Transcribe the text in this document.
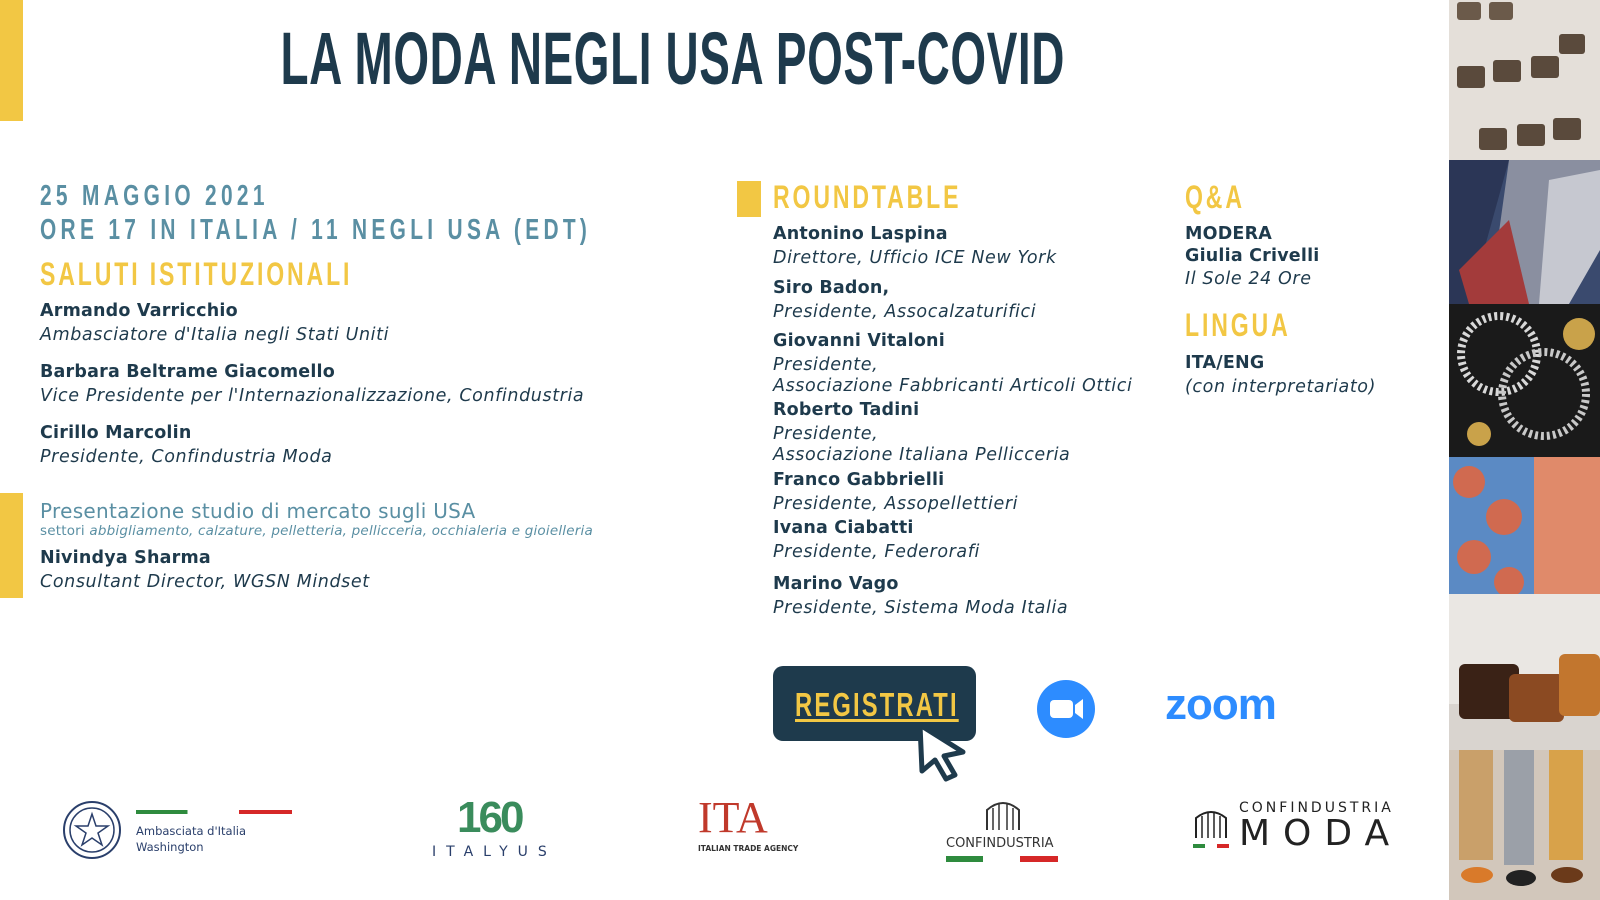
LA MODA NEGLI USA POST-COVID
25 MAGGIO 2021
ORE 17 IN ITALIA / 11 NEGLI USA (EDT)
SALUTI ISTITUZIONALI
Armando Varricchio
Ambasciatore d'Italia negli Stati Uniti
Barbara Beltrame Giacomello
Vice Presidente per l'Internazionalizzazione, Confindustria
Cirillo Marcolin
Presidente, Confindustria Moda
Presentazione studio di mercato sugli USA
settori abbigliamento, calzature, pelletteria, pellicceria, occhialeria e gioielleria
Nivindya Sharma
Consultant Director, WGSN Mindset
ROUNDTABLE
Antonino Laspina
Direttore, Ufficio ICE New York
Siro Badon,
Presidente, Assocalzaturifici
Giovanni Vitaloni
Presidente,
Associazione Fabbricanti Articoli Ottici
Roberto Tadini
Presidente,
Associazione Italiana Pellicceria
Franco Gabbrielli
Presidente, Assopellettieri
Ivana Ciabatti
Presidente, Federorafi
Marino Vago
Presidente, Sistema Moda Italia
Q&A
MODERA
Giulia Crivelli
Il Sole 24 Ore
LINGUA
ITA/ENG
(con interpretariato)
REGISTRATI	zoom
Ambasciata d'Italia
Washington
160
ITALYUS
ITA
ITALIAN TRADE AGENCY	CONFINDUSTRIA
CONFINDUSTRIA
MODA
